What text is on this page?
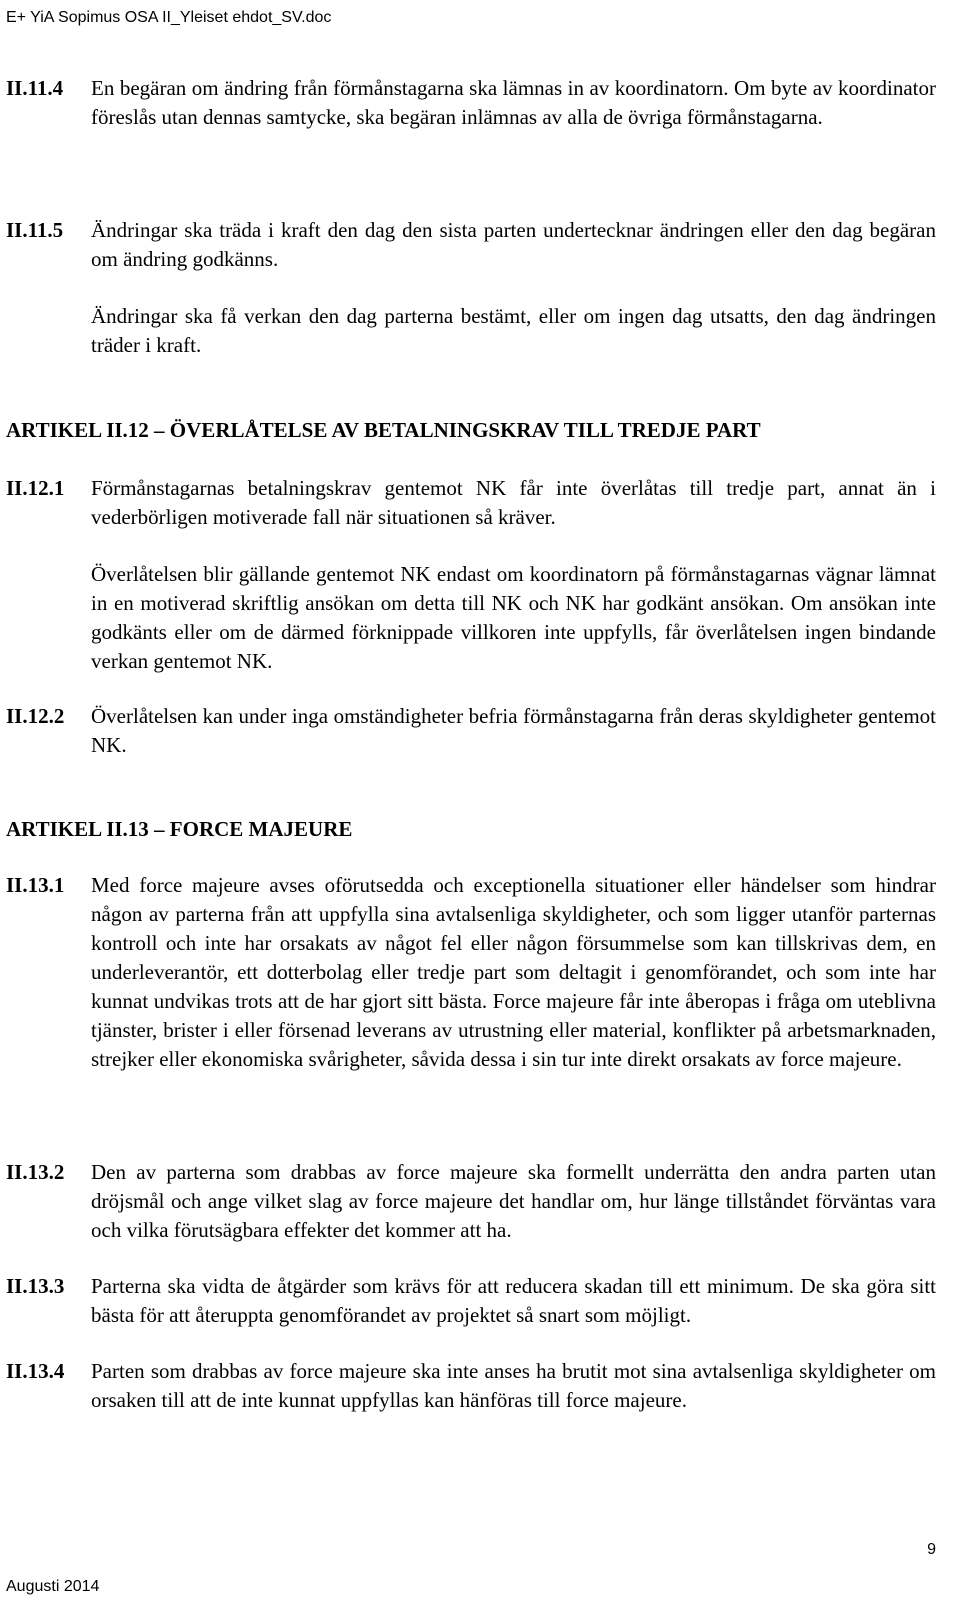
E+ YiA Sopimus OSA II_Yleiset ehdot_SV.doc
II.11.4 En begäran om ändring från förmånstagarna ska lämnas in av koordinatorn. Om byte av koordinator föreslås utan dennas samtycke, ska begäran inlämnas av alla de övriga förmånstagarna.

II.11.5 Ändringar ska träda i kraft den dag den sista parten undertecknar ändringen eller den dag begäran om ändring godkänns.

Ändringar ska få verkan den dag parterna bestämt, eller om ingen dag utsatts, den dag ändringen träder i kraft.

ARTIKEL II.12 – ÖVERLÅTELSE AV BETALNINGSKRAV TILL TREDJE PART
II.12.1 Förmånstagarnas betalningskrav gentemot NK får inte överlåtas till tredje part, annat än i vederbörligen motiverade fall när situationen så kräver.

Överlåtelsen blir gällande gentemot NK endast om koordinatorn på förmånstagarnas vägnar lämnat in en motiverad skriftlig ansökan om detta till NK och NK har godkänt ansökan. Om ansökan inte godkänts eller om de därmed förknippade villkoren inte uppfylls, får överlåtelsen ingen bindande verkan gentemot NK.

II.12.2 Överlåtelsen kan under inga omständigheter befria förmånstagarna från deras skyldigheter gentemot NK.

ARTIKEL II.13 – FORCE MAJEURE
II.13.1 Med force majeure avses oförutsedda och exceptionella situationer eller händelser som hindrar någon av parterna från att uppfylla sina avtalsenliga skyldigheter, och som ligger utanför parternas kontroll och inte har orsakats av något fel eller någon försummelse som kan tillskrivas dem, en underleverantör, ett dotterbolag eller tredje part som deltagit i genomförandet, och som inte har kunnat undvikas trots att de har gjort sitt bästa. Force majeure får inte åberopas i fråga om uteblivna tjänster, brister i eller försenad leverans av utrustning eller material, konflikter på arbetsmarknaden, strejker eller ekonomiska svårigheter, såvida dessa i sin tur inte direkt orsakats av force majeure.

II.13.2 Den av parterna som drabbas av force majeure ska formellt underrätta den andra parten utan dröjsmål och ange vilket slag av force majeure det handlar om, hur länge tillståndet förväntas vara och vilka förutsägbara effekter det kommer att ha.

II.13.3 Parterna ska vidta de åtgärder som krävs för att reducera skadan till ett minimum. De ska göra sitt bästa för att återuppta genomförandet av projektet så snart som möjligt.

II.13.4 Parten som drabbas av force majeure ska inte anses ha brutit mot sina avtalsenliga skyldigheter om orsaken till att de inte kunnat uppfyllas kan hänföras till force majeure.

9
Augusti 2014
